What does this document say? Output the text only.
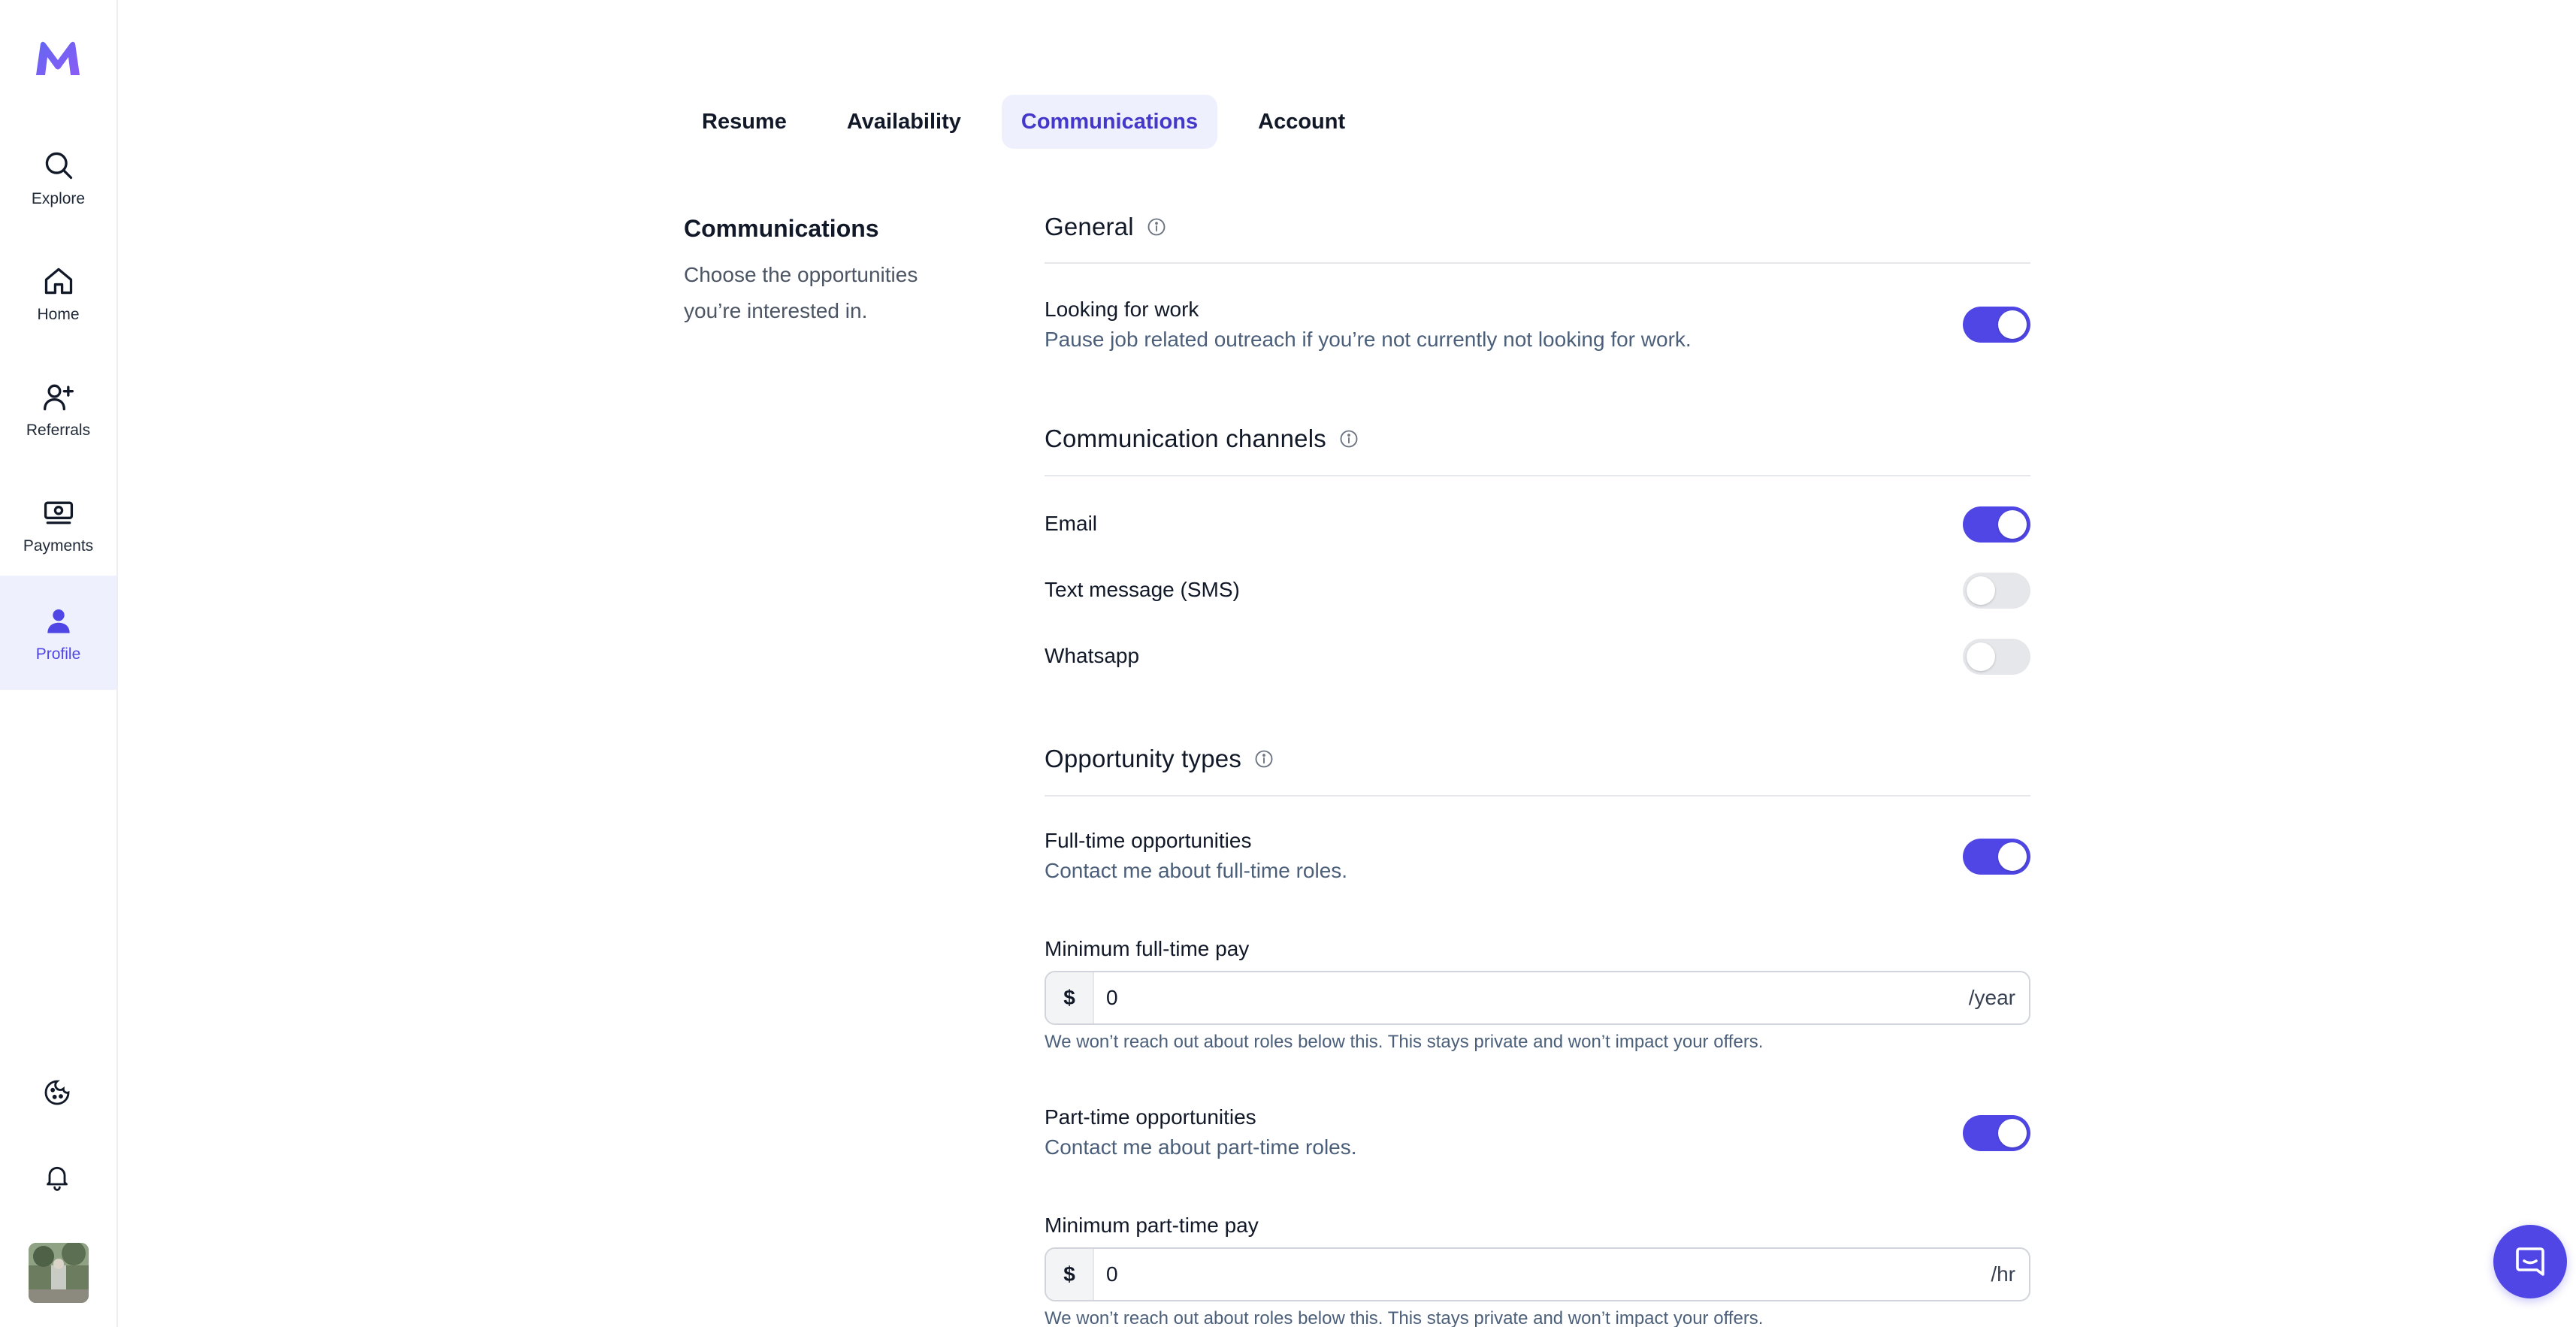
Explore
Home
Referrals
Payments
Profile
Resume	Availability	Communications	Account
Communications
Choose the opportunities you’re interested in.
General
Looking for work
Pause job related outreach if you’re not currently not looking for work.
Communication channels
Email
Text message (SMS)
Whatsapp
Opportunity types
Full-time opportunities
Contact me about full-time roles.
Minimum full-time pay
$
0	/year
We won’t reach out about roles below this. This stays private and won’t impact your offers.
Part-time opportunities
Contact me about part-time roles.
Minimum part-time pay
$
0	/hr
We won’t reach out about roles below this. This stays private and won’t impact your offers.
